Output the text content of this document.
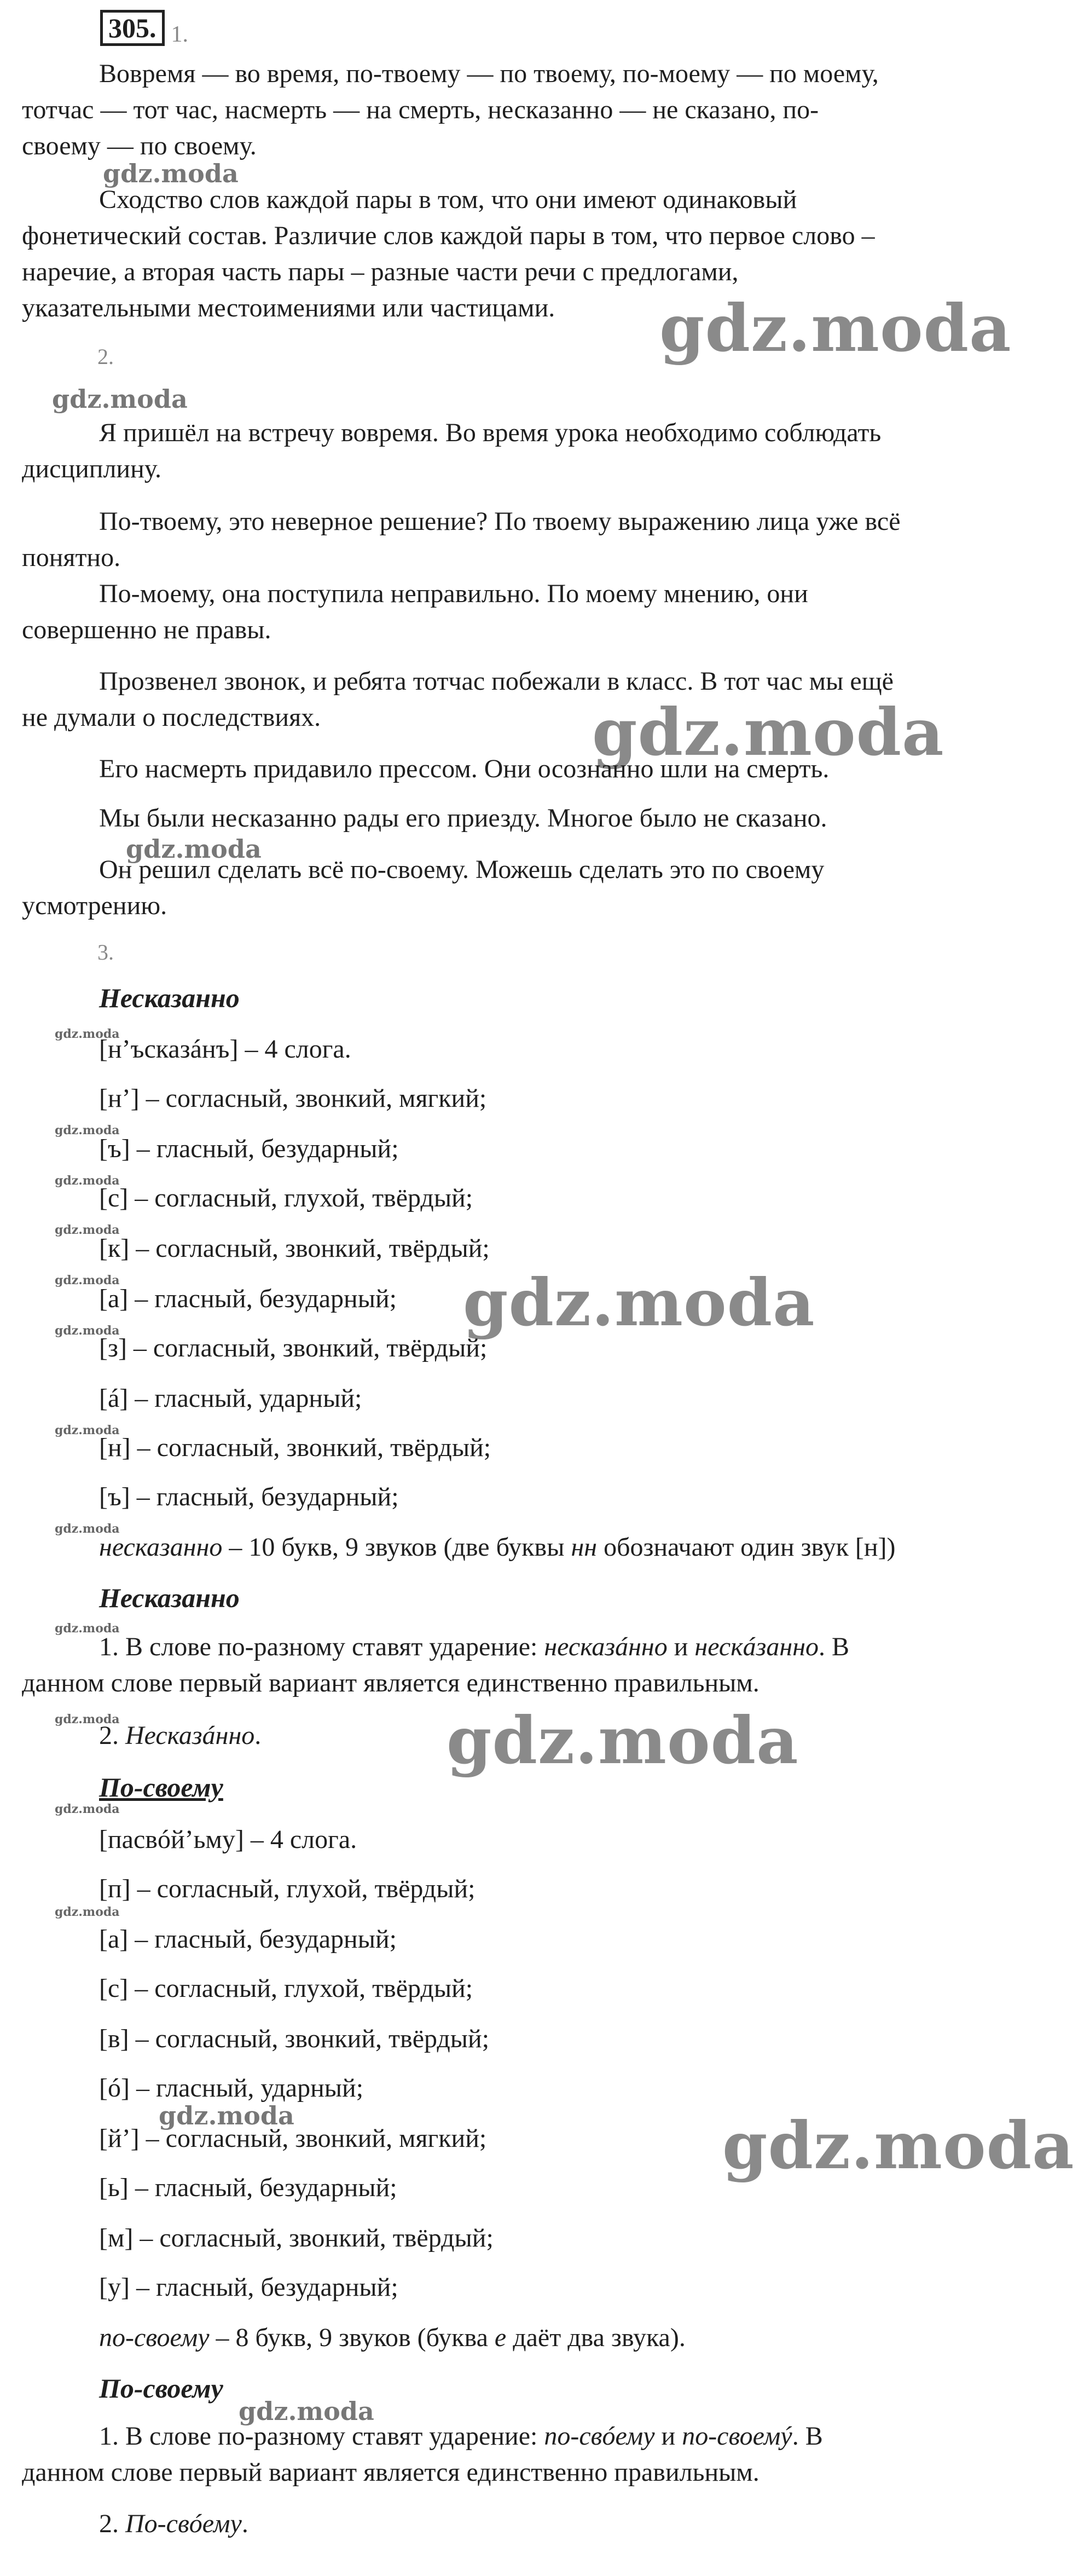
305. 1.
Вовремя — во время, по-твоему — по твоему, по-моему — по моему,
тотчас — тот час, насмерть — на смерть, несказанно — не сказано, по-
своему — по своему.
gdz.moda
Сходство слов каждой пары в том, что они имеют одинаковый
фонетический состав. Различие слов каждой пары в том, что первое слово –
наречие, а вторая часть пары – разные части речи с предлогами,
указательными местоимениями или частицами. gdz.moda
2.
gdz.moda
Я пришёл на встречу вовремя. Во время урока необходимо соблюдать
дисциплину.
По-твоему, это неверное решение? По твоему выражению лица уже всё
понятно.
По-моему, она поступила неправильно. По моему мнению, они
совершенно не правы.
Прозвенел звонок, и ребята тотчас побежали в класс. В тот час мы ещё
не думали о последствиях.	gdz.moda
Его насмерть придавило прессом. Они осознанно шли на смерть.
Мы были несказанно рады его приезду. Многое было не сказано.
gdz.moda
Он решил сделать всё по-своему. Можешь сделать это по своему
усмотрению.
3.
Несказанно
gdz.moda
[н’ъсказáнъ] – 4 слога.
[н’] – согласный, звонкий, мягкий;
gdz.moda
[ъ] – гласный, безударный;
gdz.moda
[с] – согласный, глухой, твёрдый;
gdz.moda
[к] – согласный, звонкий, твёрдый;
gdz.moda
[а] – гласный, безударный; gdz.moda
gdz.moda
[з] – согласный, звонкий, твёрдый;
[á] – гласный, ударный;
gdz.moda
[н] – согласный, звонкий, твёрдый;
[ъ] – гласный, безударный;
gdz.moda
несказанно – 10 букв, 9 звуков (две буквы нн обозначают один звук [н])
Несказанно
gdz.moda
1. В слове по-разному ставят ударение: несказáнно и нескáзанно. В
данном слове первый вариант является единственно правильным.
gdz.moda
2. Несказáнно.	gdz.moda
По-своему
gdz.moda
[пасвóй’ьму] – 4 слога.
[п] – согласный, глухой, твёрдый;
gdz.moda
[а] – гласный, безударный;
[с] – согласный, глухой, твёрдый;
[в] – согласный, звонкий, твёрдый;
[ó] – гласный, ударный;
gdz.moda
[й’] – согласный, звонкий, мягкий;	gdz.moda
[ь] – гласный, безударный;
[м] – согласный, звонкий, твёрдый;
[у] – гласный, безударный;
по-своему – 8 букв, 9 звуков (буква е даёт два звука).
По-своему
gdz.moda
1. В слове по-разному ставят ударение: по-свóему и по-своемý. В
данном слове первый вариант является единственно правильным.
2. По-свóему.
